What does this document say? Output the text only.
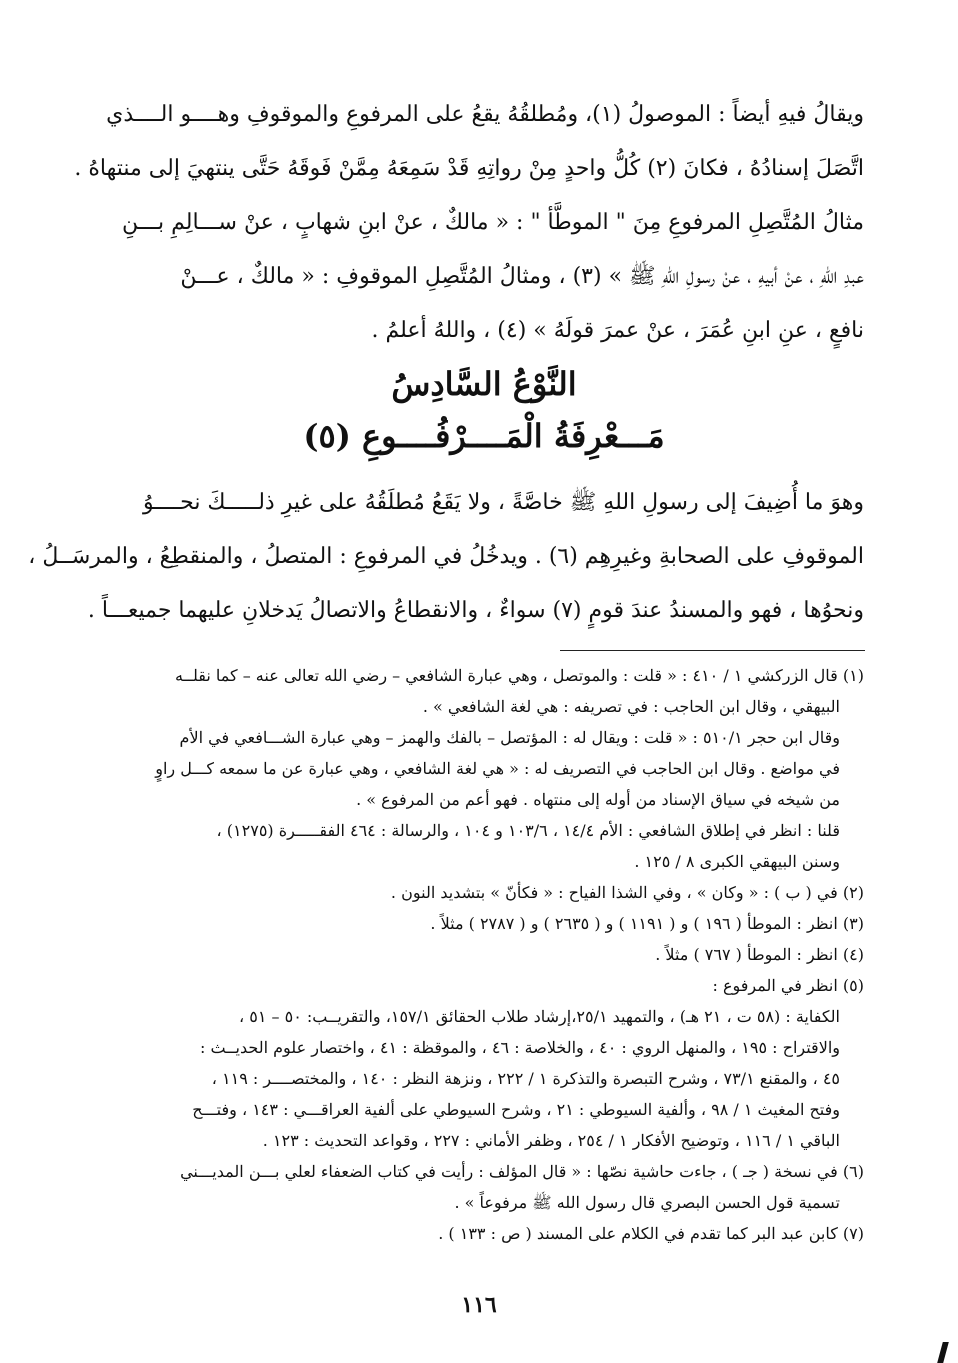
ويقالُ فيهِ أيضاً : الموصولُ (١)، ومُطلقُهُ يقعُ على المرفوعِ والموقوفِ وهــــو الــــذي
اتَّصَلَ إسنادُهُ ، فكانَ (٢) كُلُّ واحدٍ مِنْ رواتِهِ قَدْ سَمِعَهُ مِمَّنْ فَوقَهُ حَتَّى ينتهيَ إلى منتهاهُ .
مثالُ المُتَّصِلِ المرفوعِ مِنَ " الموطَّأ " : « مالكٌ ، عنْ ابنِ شهابٍ ، عنْ ســـالِمِ بـــنِ
عبدِ اللهِ ، عنْ أبيهِ ، عنْ رسولِ اللهِ ﷺ » (٣) ، ومثالُ المُتَّصِلِ الموقوفِ : « مالكٌ ، عـــنْ
نافعٍ ، عنِ ابنِ عُمَرَ ، عنْ عمرَ قولَهُ » (٤) ، واللهُ أعلمُ .
النَّوْعُ السَّادِسُ
مَـــعْرِفَةُ الْمَــــرْفُــــوعِ (٥)
وهوَ ما أُضِيفَ إلى رسولِ اللهِ ﷺ خاصَّةً ، ولا يَقَعُ مُطلَقُهُ على غيرِ ذلـــــكَ نحــــوُ
الموقوفِ على الصحابةِ وغيرِهِم (٦) . ويدخُلُ في المرفوعِ : المتصلُ ، والمنقطِعُ ، والمرسَــلُ ،
ونحوُها ، فهو والمسندُ عندَ قومٍ (٧) سواءٌ ، والانقطاعُ والاتصالُ يَدخلانِ عليهما جميعـــاً .
(١) قال الزركشي ١ / ٤١٠ : « قلت : والموتصل ، وهي عبارة الشافعي – رضي الله تعالى عنه – كما نقلــه
البيهقي ، وقال ابن الحاجب : في تصريفه : هي لغة الشافعي » .
وقال ابن حجر ٥١٠/١ : « قلت : ويقال له : المؤتصل – بالفك والهمز – وهي عبارة الشـــافعي في الأم
في مواضع . وقال ابن الحاجب في التصريف له : « هي لغة الشافعي ، وهي عبارة عن ما سمعه كـــل راوٍ
من شيخه في سياق الإسناد من أوله إلى منتهاه . فهو أعم من المرفوع » .
قلنا : انظر في إطلاق الشافعي : الأم ١٤/٤ ، ١٠٣/٦ و ١٠٤ ، والرسالة : ٤٦٤ الفقـــــرة (١٢٧٥) ،
وسنن البيهقي الكبرى ٨ / ١٢٥ .
(٢) في ( ب ) : « وكان » ، وفي الشذا الفياح : « فكأنّ » بتشديد النون .
(٣) انظر : الموطأ ( ١٩٦ ) و ( ١١٩١ ) و ( ٢٦٣٥ ) و ( ٢٧٨٧ ) مثلاً .
(٤) انظر : الموطأ ( ٧٦٧ ) مثلاً .
(٥) انظر في المرفوع :
الكفاية : (٥٨ ت ، ٢١ هـ) ، والتمهيد ٢٥/١،إرشاد طلاب الحقائق ١٥٧/١، والتقريــب: ٥٠ – ٥١ ،
والاقتراح : ١٩٥ ، والمنهل الروي : ٤٠ ، والخلاصة : ٤٦ ، والموقظة : ٤١ ، واختصار علوم الحديــث :
٤٥ ، والمقنع ٧٣/١ ، وشرح التبصرة والتذكرة ١ / ٢٢٢ ، ونزهة النظر : ١٤٠ ، والمختصــــر : ١١٩ ،
وفتح المغيث ١ / ٩٨ ، وألفية السيوطي : ٢١ ، وشرح السيوطي على ألفية العراقـــي : ١٤٣ ، وفتـــح
الباقي ١ / ١١٦ ، وتوضيح الأفكار ١ / ٢٥٤ ، وظفر الأماني : ٢٢٧ ، وقواعد التحديث : ١٢٣ .
(٦) في نسخة ( جـ ) ، جاءت حاشية نصّها : « قال المؤلف : رأيت في كتاب الضعفاء لعلي بـــن المديـــني
تسمية قول الحسن البصري قال رسول الله ﷺ مرفوعاً » .
(٧) كابن عبد البر كما تقدم في الكلام على المسند ( ص : ١٣٣ ) .
١١٦
